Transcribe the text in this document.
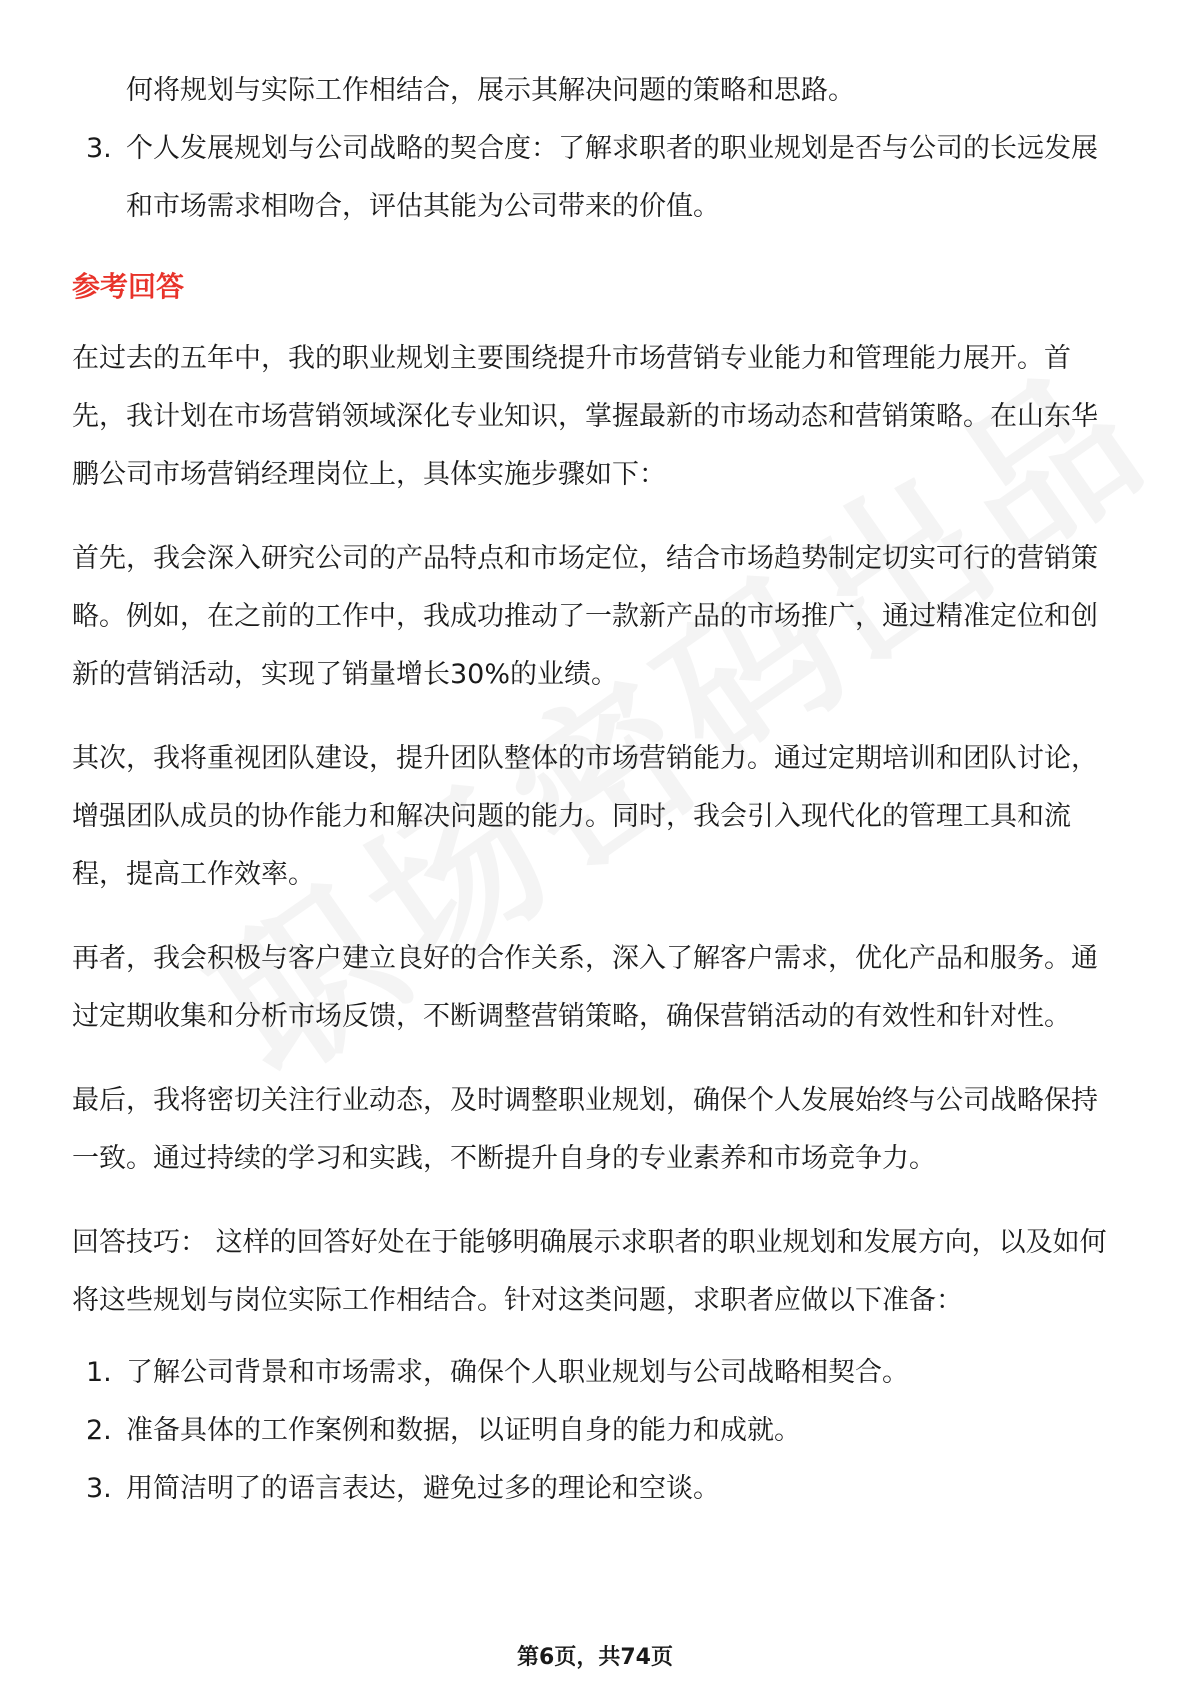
何将规划与实际工作相结合，展示其解决问题的策略和思路。
3. 个人发展规划与公司战略的契合度：了解求职者的职业规划是否与公司的长远发展和市场需求相吻合，评估其能为公司带来的价值。
参考回答

在过去的五年中，我的职业规划主要围绕提升市场营销专业能力和管理能力展开。首先，我计划在市场营销领域深化专业知识，掌握最新的市场动态和营销策略。在山东华鹏公司市场营销经理岗位上，具体实施步骤如下：

首先，我会深入研究公司的产品特点和市场定位，结合市场趋势制定切实可行的营销策略。例如，在之前的工作中，我成功推动了一款新产品的市场推广，通过精准定位和创新的营销活动，实现了销量增长30%的业绩。

其次，我将重视团队建设，提升团队整体的市场营销能力。通过定期培训和团队讨论，增强团队成员的协作能力和解决问题的能力。同时，我会引入现代化的管理工具和流程，提高工作效率。

再者，我会积极与客户建立良好的合作关系，深入了解客户需求，优化产品和服务。通过定期收集和分析市场反馈，不断调整营销策略，确保营销活动的有效性和针对性。

最后，我将密切关注行业动态，及时调整职业规划，确保个人发展始终与公司战略保持一致。通过持续的学习和实践，不断提升自身的专业素养和市场竞争力。

回答技巧： 这样的回答好处在于能够明确展示求职者的职业规划和发展方向，以及如何将这些规划与岗位实际工作相结合。针对这类问题，求职者应做以下准备：

1. 了解公司背景和市场需求，确保个人职业规划与公司战略相契合。
2. 准备具体的工作案例和数据，以证明自身的能力和成就。
3. 用简洁明了的语言表达，避免过多的理论和空谈。
第6页，共74页
